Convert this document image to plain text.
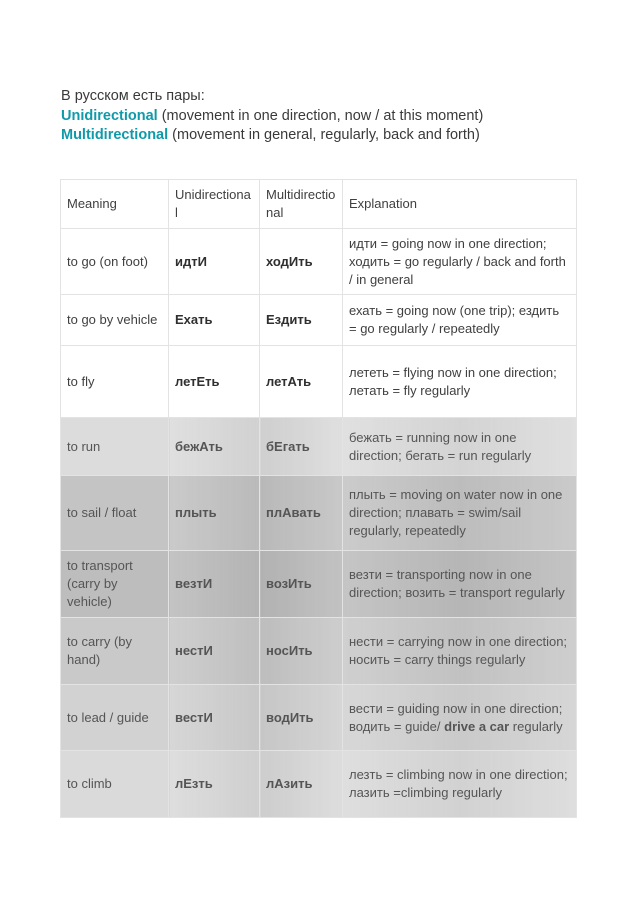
В русском есть пары:
Unidirectional (movement in one direction, now / at this moment)
Multidirectional (movement in general, regularly, back and forth)
Meaning	Unidirectional	Multidirectional	Explanation
to go (on foot)	идтИ	ходИть	идти = going now in one direction; ходить = go regularly / back and forth / in general
to go by vehicle	Ехать	Ездить	ехать = going now (one trip); ездить = go regularly / repeatedly
to fly	летЕть	летАть	лететь = flying now in one direction; летать = fly regularly
to run	бежАть	бЕгать	бежать = running now in one direction; бегать = run regularly
to sail / float	плыть	плАвать	плыть = moving on water now in one direction; плавать = swim/sail regularly, repeatedly
to transport (carry by vehicle)	везтИ	возИть	везти = transporting now in one direction; возить = transport regularly
to carry (by hand)	нестИ	носИть	нести = carrying now in one direction; носить = carry things regularly
to lead / guide	вестИ	водИть	вести = guiding now in one direction; водить = guide/ drive a car regularly
to climb	лЕзть	лАзить	лезть = climbing now in one direction; лазить =climbing regularly
